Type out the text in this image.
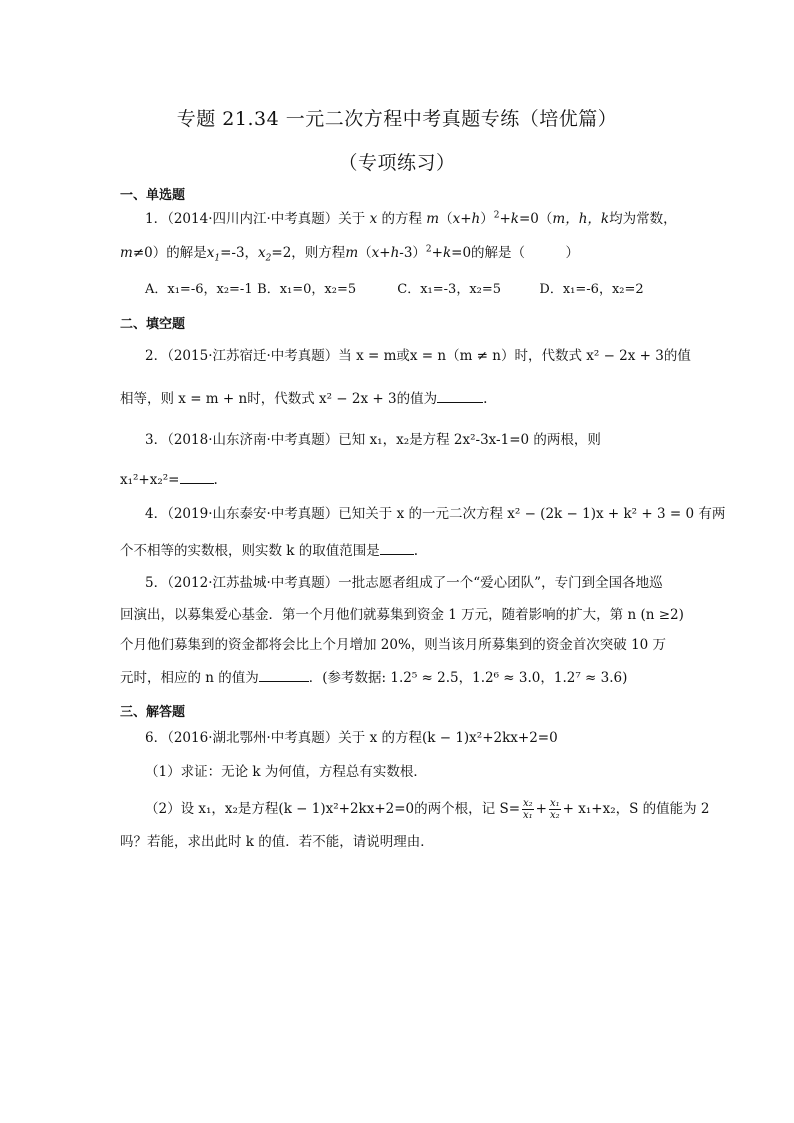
专题 21.34 一元二次方程中考真题专练（培优篇）
（专项练习）
一、单选题
1．（2014·四川内江·中考真题）关于 x 的方程 $m(x+h)^2+k=0(m$，h，k均为常数，
m≠0）的解是$x_1=-3$，$x_2=2$，则方程$m(x+h-3)^2+k=0$的解是（　　　）
A．x₁=-6，x₂=-1 B．x₁=0，x₂=5	C．x₁=-3，x₂=5	D．x₁=-6，x₂=2
二、填空题
2．（2015·江苏宿迁·中考真题）当 x = m或x = n（m ≠ n）时，代数式 x² − 2x + 3的值
相等，则 x = m + n时，代数式 x² − 2x + 3的值为	.
3．（2018·山东济南·中考真题）已知 x₁，x₂是方程 2x²-3x-1=0 的两根，则
x₁²+x₂²=	.
4．（2019·山东泰安·中考真题）已知关于 x 的一元二次方程 x² − (2k − 1)x + k² + 3 = 0 有两
个不相等的实数根，则实数 k 的取值范围是	.
5．（2012·江苏盐城·中考真题）一批志愿者组成了一个“爱心团队”，专门到全国各地巡
回演出，以募集爱心基金．第一个月他们就募集到资金 1 万元，随着影响的扩大，第 n (n ≥2)
个月他们募集到的资金都将会比上个月增加 20%，则当该月所募集到的资金首次突破 10 万
元时，相应的 n 的值为	．(参考数据: 1.2⁵ ≈ 2.5，1.2⁶ ≈ 3.0，1.2⁷ ≈ 3.6)
三、解答题
6．（2016·湖北鄂州·中考真题）关于 x 的方程(k − 1)x²+2kx+2=0
（1）求证：无论 k 为何值，方程总有实数根．
（2）设 x₁，x₂是方程(k − 1)x²+2kx+2=0的两个根，记 $S= \frac{\text{x₂}}{\text{x₁}} + \frac{\text{x₁}}{\text{x₂}} + x_1+x_2$，S 的值能为 2
吗？若能，求出此时 k 的值．若不能，请说明理由．
